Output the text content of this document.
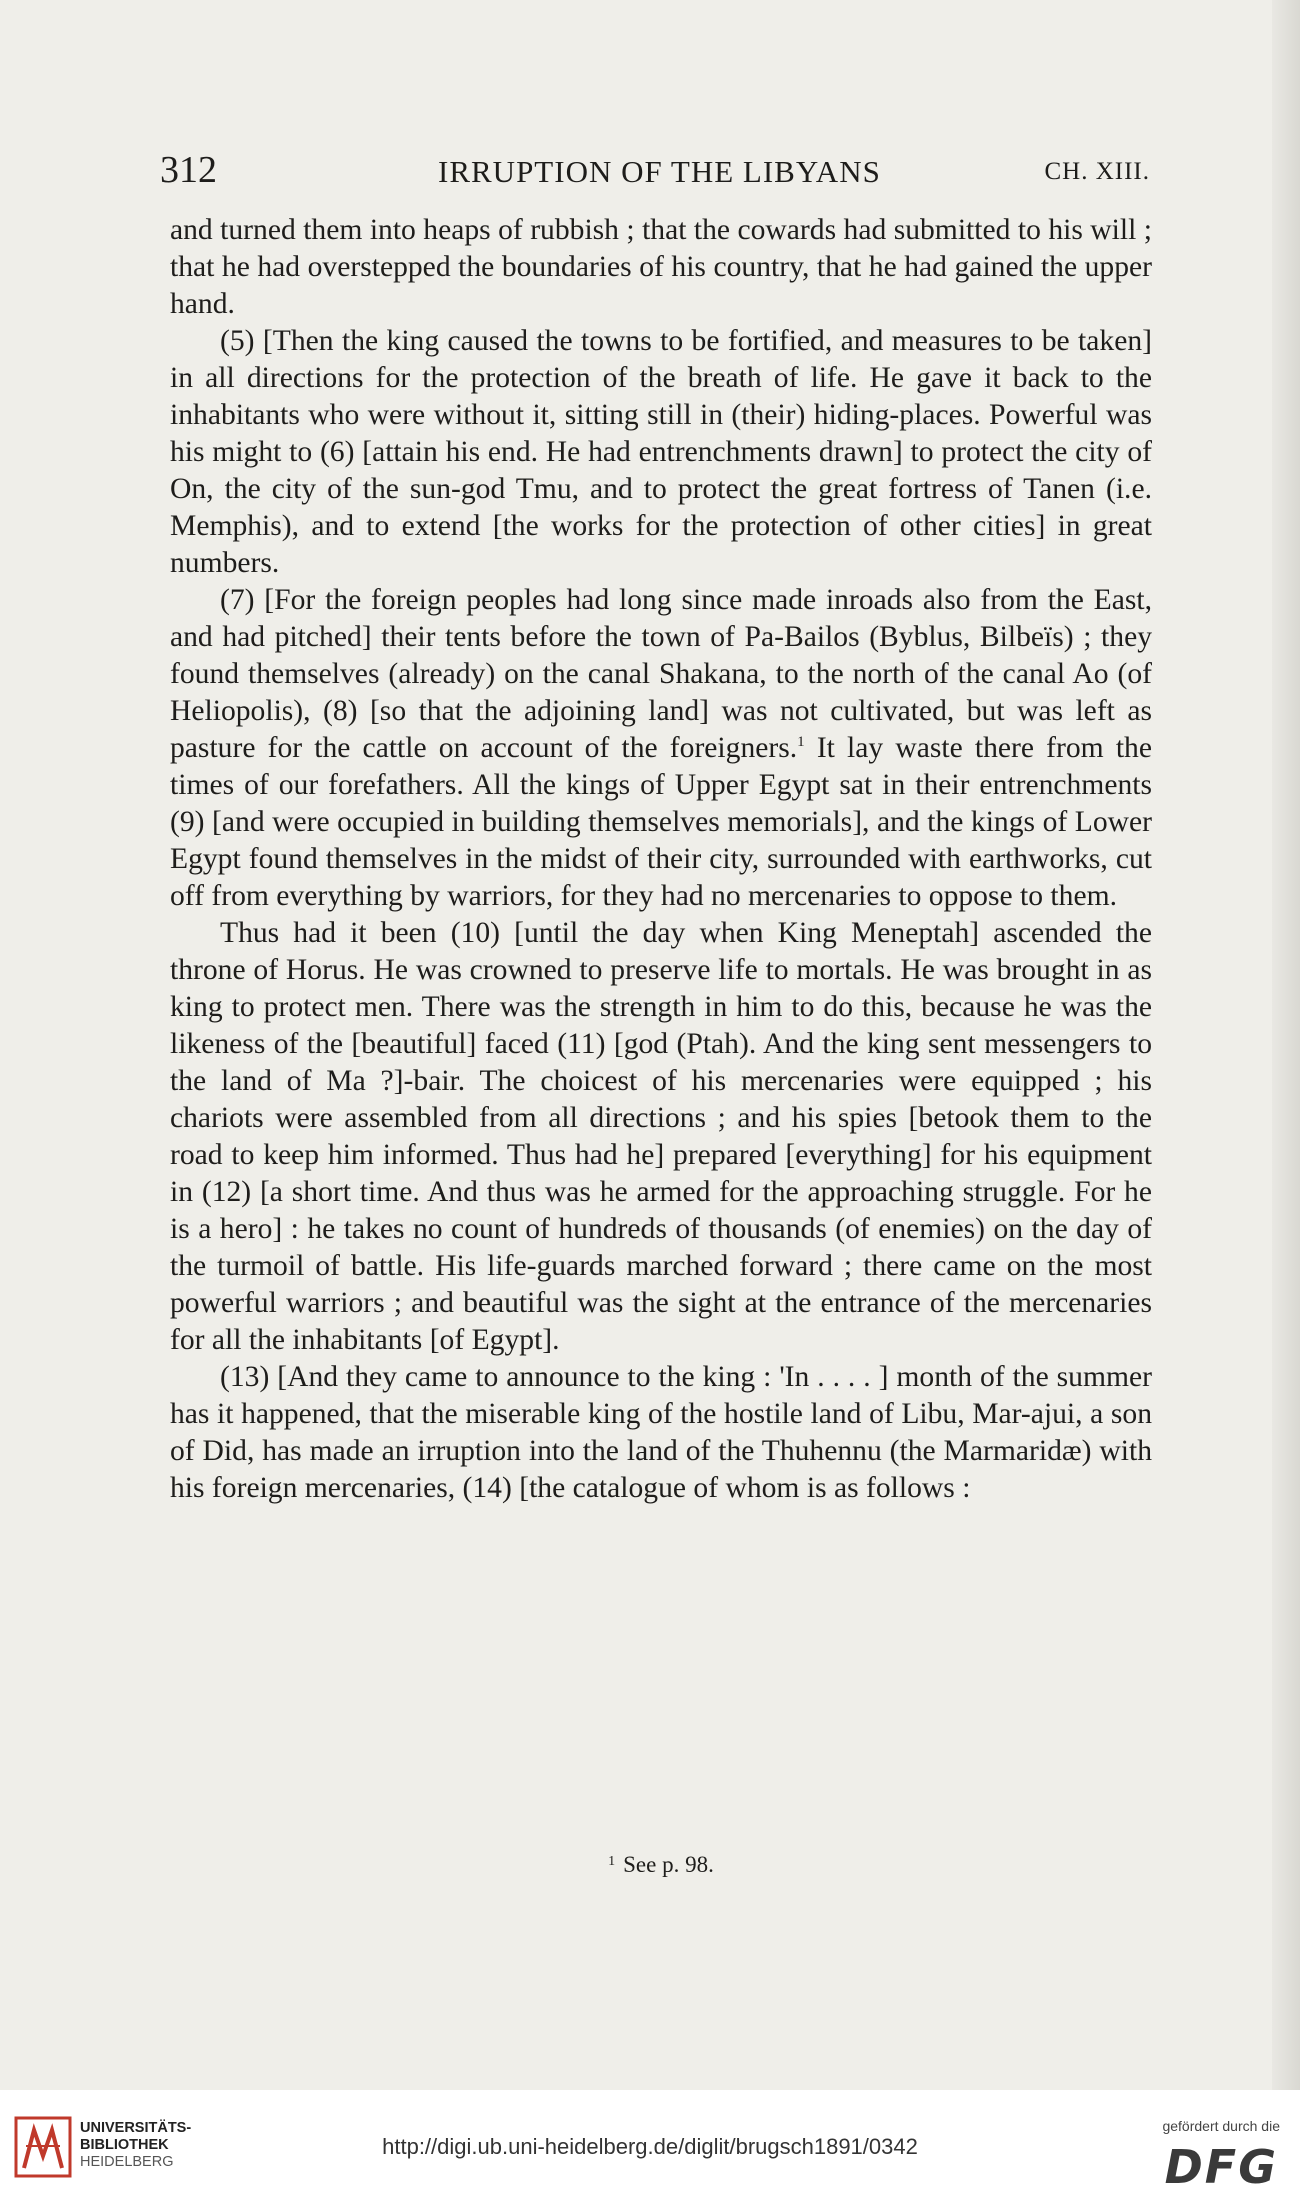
312	IRRUPTION OF THE LIBYANS	CH. XIII.

and turned them into heaps of rubbish ; that the cowards had submitted to his will ; that he had overstepped the boundaries of his country, that he had gained the upper hand.

(5) [Then the king caused the towns to be fortified, and measures to be taken] in all directions for the protection of the breath of life. He gave it back to the inhabitants who were without it, sitting still in (their) hiding-places. Powerful was his might to (6) [attain his end. He had entrenchments drawn] to protect the city of On, the city of the sun-god Tmu, and to protect the great fortress of Tanen (i.e. Memphis), and to extend [the works for the protection of other cities] in great numbers.

(7) [For the foreign peoples had long since made inroads also from the East, and had pitched] their tents before the town of Pa-Bailos (Byblus, Bilbeïs) ; they found themselves (already) on the canal Shakana, to the north of the canal Ao (of Heliopolis), (8) [so that the adjoining land] was not cultivated, but was left as pasture for the cattle on account of the foreigners.$^1$ It lay waste there from the times of our forefathers. All the kings of Upper Egypt sat in their entrenchments (9) [and were occupied in building themselves memorials], and the kings of Lower Egypt found themselves in the midst of their city, surrounded with earthworks, cut off from everything by warriors, for they had no mercenaries to oppose to them.

Thus had it been (10) [until the day when King Meneptah] ascended the throne of Horus. He was crowned to preserve life to mortals. He was brought in as king to protect men. There was the strength in him to do this, because he was the likeness of the [beautiful] faced (11) [god (Ptah). And the king sent messengers to the land of Ma ?]-bair. The choicest of his mercenaries were equipped ; his chariots were assembled from all directions ; and his spies [betook them to the road to keep him informed. Thus had he] prepared [everything] for his equipment in (12) [a short time. And thus was he armed for the approaching struggle. For he is a hero] : he takes no count of hundreds of thousands (of enemies) on the day of the turmoil of battle. His life-guards marched forward ; there came on the most powerful warriors ; and beautiful was the sight at the entrance of the mercenaries for all the inhabitants [of Egypt].

(13) [And they came to announce to the king : 'In . . . . ] month of the summer has it happened, that the miserable king of the hostile land of Libu, Mar-ajui, a son of Did, has made an irruption into the land of the Thuhennu (the Marmaridæ) with his foreign mercenaries, (14) [the catalogue of whom is as follows :

$^1$ See p. 98.
UNIVERSITÄTS-
BIBLIOTHEK
HEIDELBERG
http://digi.ub.uni-heidelberg.de/diglit/brugsch1891/0342
gefördert durch die
DFG
